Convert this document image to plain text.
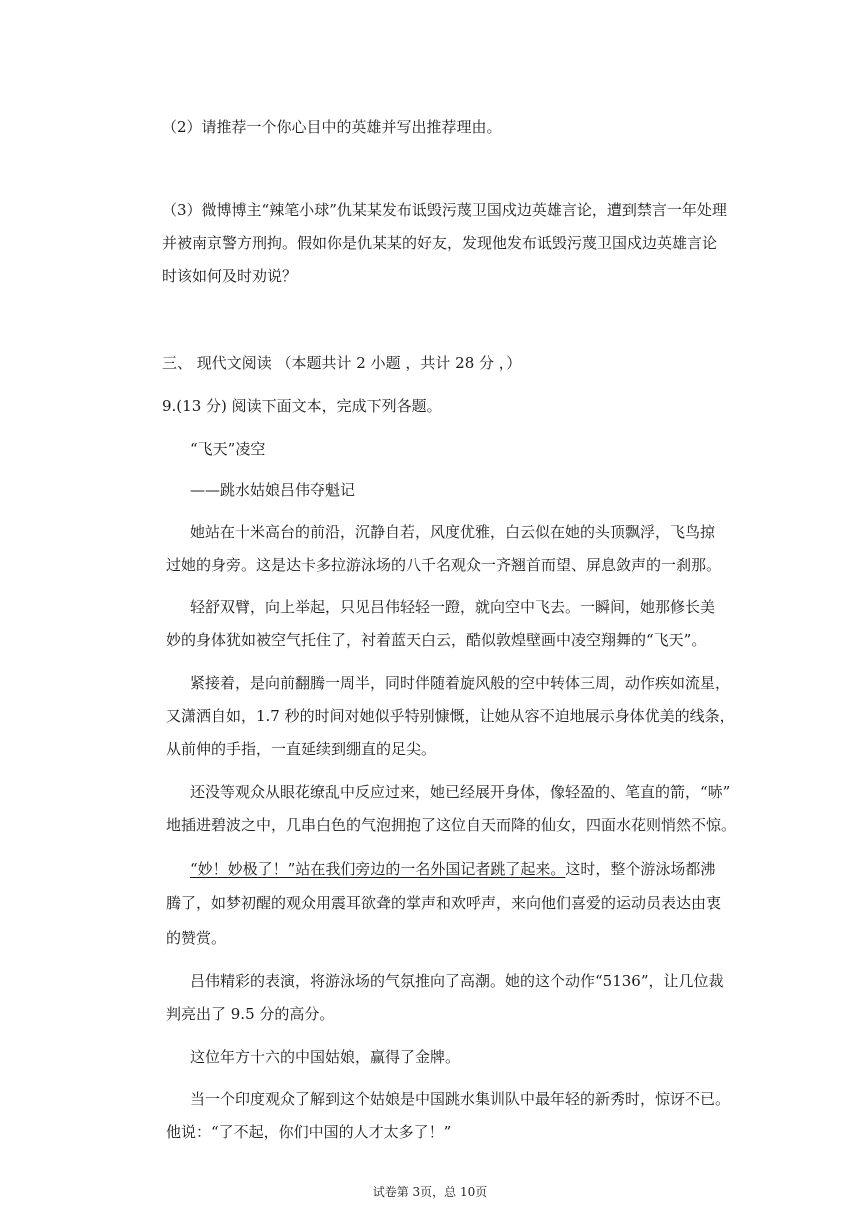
（2）请推荐一个你心目中的英雄并写出推荐理由。
（3）微博博主“辣笔小球”仇某某发布诋毁污蔑卫国戍边英雄言论，遭到禁言一年处理
并被南京警方刑拘。假如你是仇某某的好友，发现他发布诋毁污蔑卫国戍边英雄言论
时该如何及时劝说？
三、 现代文阅读 （本题共计 2 小题 ，共计 28 分 ，）
9.(13 分) 阅读下面文本，完成下列各题。
“飞天”凌空
——跳水姑娘吕伟夺魁记
她站在十米高台的前沿，沉静自若，风度优雅，白云似在她的头顶飘浮，飞鸟掠
过她的身旁。这是达卡多拉游泳场的八千名观众一齐翘首而望、屏息敛声的一刹那。
轻舒双臂，向上举起，只见吕伟轻轻一蹬，就向空中飞去。一瞬间，她那修长美
妙的身体犹如被空气托住了，衬着蓝天白云，酷似敦煌壁画中凌空翔舞的“飞天”。
紧接着，是向前翻腾一周半，同时伴随着旋风般的空中转体三周，动作疾如流星，
又潇洒自如，1.7 秒的时间对她似乎特别慷慨，让她从容不迫地展示身体优美的线条，
从前伸的手指，一直延续到绷直的足尖。
还没等观众从眼花缭乱中反应过来，她已经展开身体，像轻盈的、笔直的箭，“哧”
地插进碧波之中，几串白色的气泡拥抱了这位自天而降的仙女，四面水花则悄然不惊。
“妙！妙极了！”站在我们旁边的一名外国记者跳了起来。这时，整个游泳场都沸
腾了，如梦初醒的观众用震耳欲聋的掌声和欢呼声，来向他们喜爱的运动员表达由衷
的赞赏。
吕伟精彩的表演，将游泳场的气氛推向了高潮。她的这个动作“5136”，让几位裁
判亮出了 9.5 分的高分。
这位年方十六的中国姑娘，赢得了金牌。
当一个印度观众了解到这个姑娘是中国跳水集训队中最年轻的新秀时，惊讶不已。
他说：“了不起，你们中国的人才太多了！”
试卷第 3页，总 10页
